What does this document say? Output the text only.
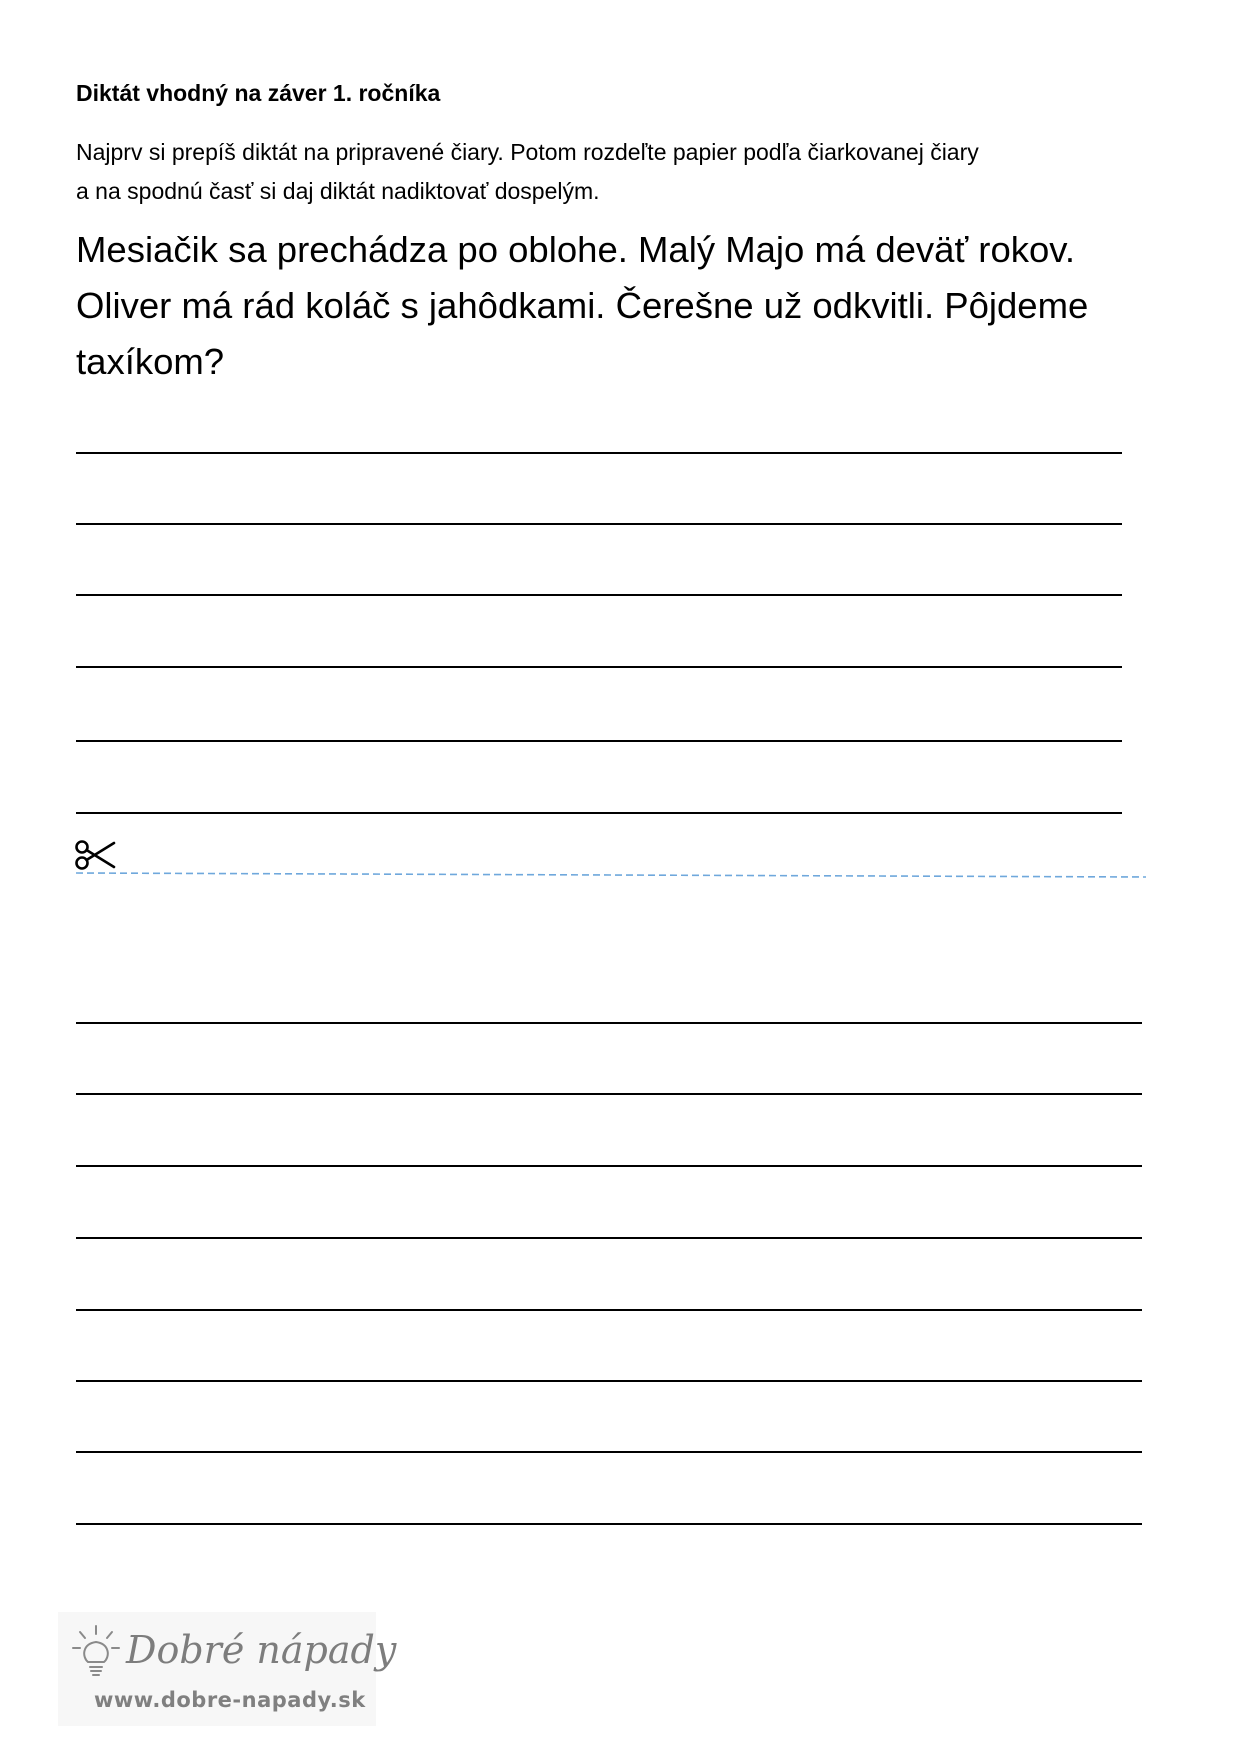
Diktát vhodný na záver 1. ročníka
Najprv si prepíš diktát na pripravené čiary. Potom rozdeľte papier podľa čiarkovanej čiary
a na spodnú časť si daj diktát nadiktovať dospelým.
Mesiačik sa prechádza po oblohe. Malý Majo má deväť rokov.
Oliver má rád koláč s jahôdkami. Čerešne už odkvitli. Pôjdeme
taxíkom?
Dobré nápady
www.dobre-napady.sk
